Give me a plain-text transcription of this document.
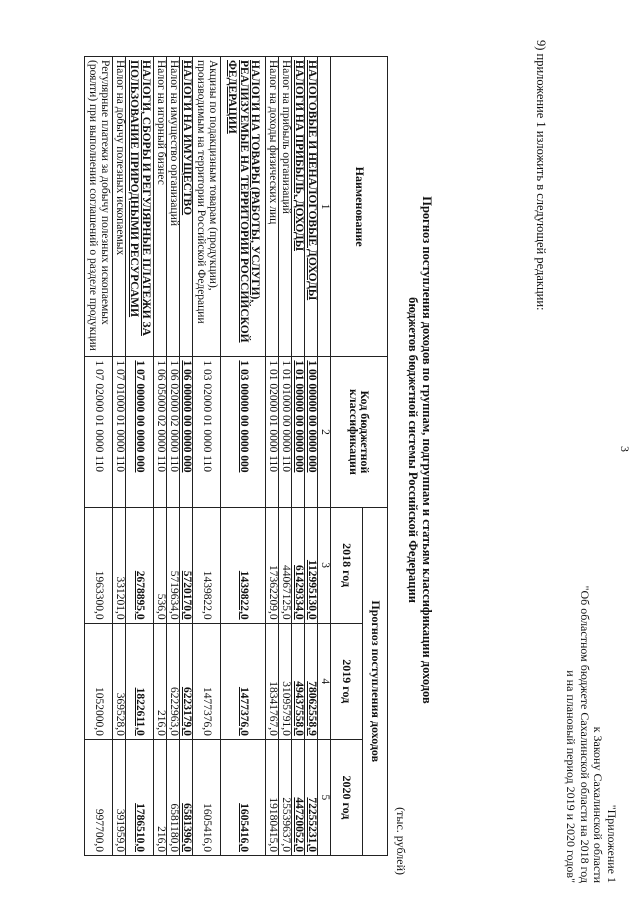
3
"Приложение 1
к Закону Сахалинской области
"Об областном бюджете Сахалинской области на 2018 год
и на плановый период 2019 и 2020 годов"
9) приложение 1 изложить в следующей редакции:
Прогноз поступления доходов по группам, подгруппам и статьям классификации доходов
бюджетов бюджетной системы Российской Федерации
(тыс. рублей)
Наименование	Код бюджетной классификации	Прогноз поступления доходов		
		2018 год	2019 год	2020 год
1	2	3	4	5
НАЛОГОВЫЕ И НЕНАЛОГОВЫЕ ДОХОДЫ	1 00 00000 00 0000 000	112995130,0	78062558,9	72255231,0
НАЛОГИ НА ПРИБЫЛЬ, ДОХОДЫ	1 01 00000 00 0000 000	61429334,0	49437558,0	44720052,0
Налог на прибыль организаций	1 01 01000 00 0000 110	44067125,0	31095791,0	25539637,0
Налог на доходы физических лиц	1 01 02000 01 0000 110	17362209,0	18341767,0	19180415,0
НАЛОГИ НА ТОВАРЫ (РАБОТЫ, УСЛУГИ), РЕАЛИЗУЕМЫЕ НА ТЕРРИТОРИИ РОССИЙСКОЙ ФЕДЕРАЦИИ	1 03 00000 00 0000 000	1439822,0	1477376,0	1605416,0
Акцизы по подакцизным товарам (продукции), производимым на территории Российской Федерации	1 03 02000 01 0000 110	1439822,0	1477376,0	1605416,0
НАЛОГИ НА ИМУЩЕСТВО	1 06 00000 00 0000 000	5720170,0	6223179,0	6581396,0
Налог на имущество организаций	1 06 02000 02 0000 110	5719634,0	6222963,0	6581180,0
Налог на игорный бизнес	1 06 05000 02 0000 110	536,0	216,0	216,0
НАЛОГИ, СБОРЫ И РЕГУЛЯРНЫЕ ПЛАТЕЖИ ЗА ПОЛЬЗОВАНИЕ ПРИРОДНЫМИ РЕСУРСАМИ	1 07 00000 00 0000 000	2678895,0	1822611,0	1786510,0
Налог на добычу полезных ископаемых	1 07 01000 01 0000 110	331201,0	369528,0	391959,0
Регулярные платежи за добычу полезных ископаемых (роялти) при выполнении соглашений о разделе продукции	1 07 02000 01 0000 110	1963300,0	1052000,0	997700,0
